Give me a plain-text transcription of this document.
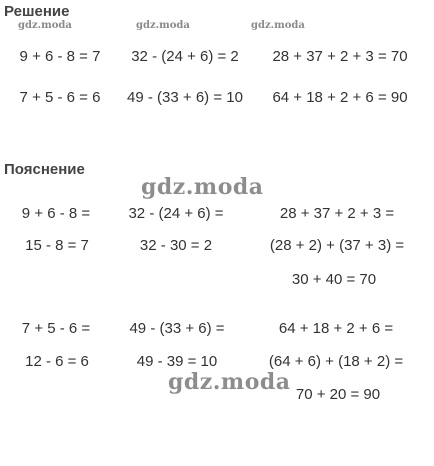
Решение
gdz.moda	gdz.moda	gdz.moda
9 + 6 - 8 = 7 32 - (24 + 6) = 2 28 + 37 + 2 + 3 = 70
7 + 5 - 6 = 6 49 - (33 + 6) = 10 64 + 18 + 2 + 6 = 90
Пояснение
gdz.moda
9 + 6 - 8 =
15 - 8 = 7
32 - (24 + 6) =
32 - 30 = 2
28 + 37 + 2 + 3 =
(28 + 2) + (37 + 3) =
30 + 40 = 70
7 + 5 - 6 =
12 - 6 = 6
49 - (33 + 6) =
49 - 39 = 10
64 + 18 + 2 + 6 =
(64 + 6) + (18 + 2) =
gdz.moda 70 + 20 = 90
